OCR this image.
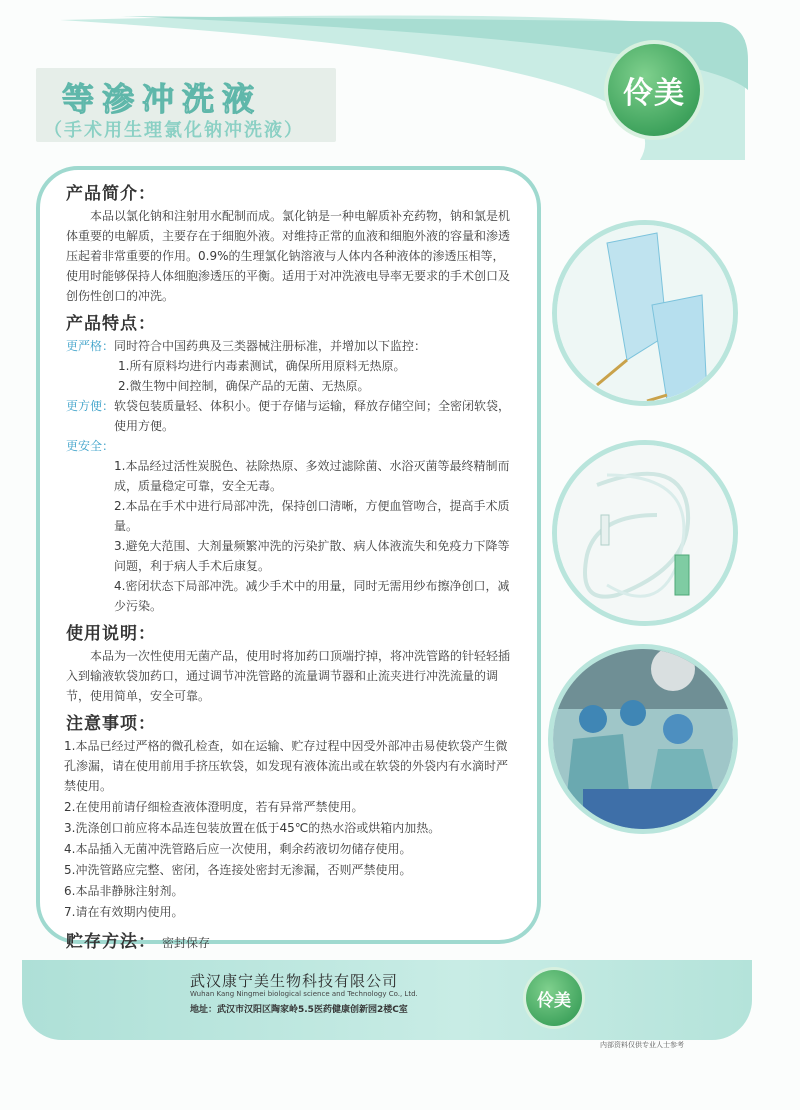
等渗冲洗液
（手术用生理氯化钠冲洗液）
伶美
产品简介：

本品以氯化钠和注射用水配制而成。氯化钠是一种电解质补充药物，钠和氯是机体重要的电解质，主要存在于细胞外液。对维持正常的血液和细胞外液的容量和渗透压起着非常重要的作用。0.9%的生理氯化钠溶液与人体内各种液体的渗透压相等，使用时能够保持人体细胞渗透压的平衡。适用于对冲洗液电导率无要求的手术创口及创伤性创口的冲洗。

产品特点：
更严格： 同时符合中国药典及三类器械注册标准，并增加以下监控：
1.所有原料均进行内毒素测试，确保所用原料无热原。
2.微生物中间控制，确保产品的无菌、无热原。
更方便： 软袋包装质量轻、体积小。便于存储与运输，释放存储空间；全密闭软袋，使用方便。
更安全：
1.本品经过活性炭脱色、祛除热原、多效过滤除菌、水浴灭菌等最终精制而成，质量稳定可靠，安全无毒。
2.本品在手术中进行局部冲洗，保持创口清晰，方便血管吻合，提高手术质量。
3.避免大范围、大剂量频繁冲洗的污染扩散、病人体液流失和免疫力下降等问题，利于病人手术后康复。
4.密闭状态下局部冲洗。减少手术中的用量，同时无需用纱布擦净创口，减少污染。
使用说明：

本品为一次性使用无菌产品，使用时将加药口顶端拧掉，将冲洗管路的针轻轻插入到输液软袋加药口，通过调节冲洗管路的流量调节器和止流夹进行冲洗流量的调节，使用简单，安全可靠。

注意事项：
1.本品已经过严格的微孔检查，如在运输、贮存过程中因受外部冲击易使软袋产生微孔渗漏，请在使用前用手挤压软袋，如发现有液体流出或在软袋的外袋内有水滴时严禁使用。
2.在使用前请仔细检查液体澄明度，若有异常严禁使用。
3.洗涤创口前应将本品连包装放置在低于45℃的热水浴或烘箱内加热。
4.本品插入无菌冲洗管路后应一次使用，剩余药液切勿储存使用。
5.冲洗管路应完整、密闭，各连接处密封无渗漏，否则严禁使用。
6.本品非静脉注射剂。
7.请在有效期内使用。
贮存方法： 密封保存
武汉康宁美生物科技有限公司
Wuhan Kang Ningmei biological science and Technology Co., Ltd.
地址：武汉市汉阳区陶家岭5.5医药健康创新园2楼C室	伶美
内部资料仅供专业人士参考
